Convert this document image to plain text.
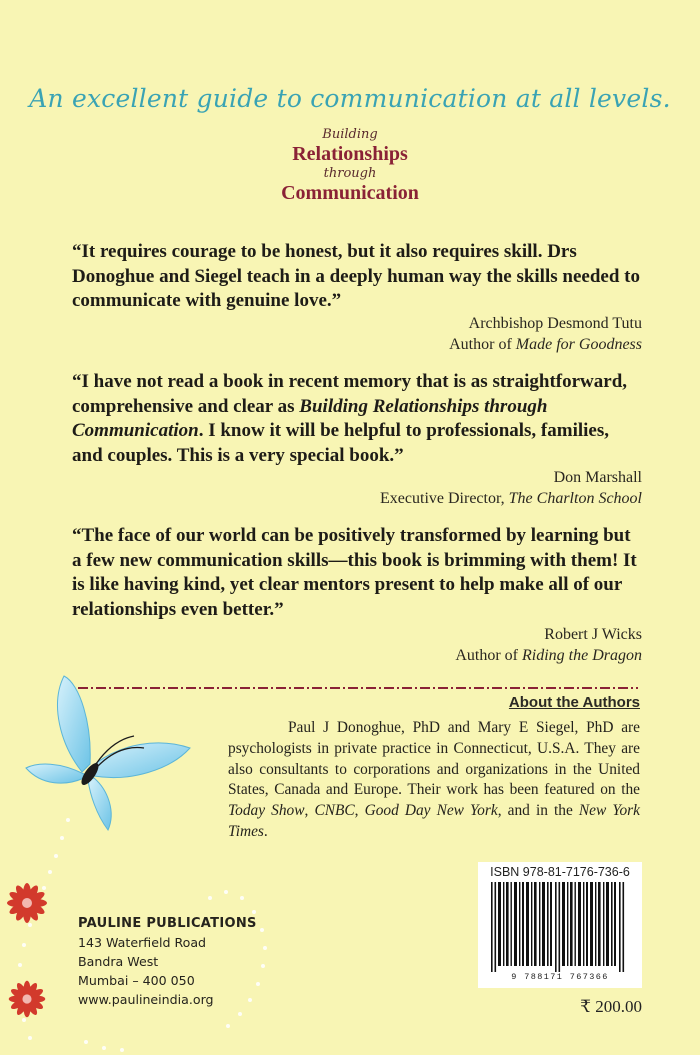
An excellent guide to communication at all levels.
Building
Relationships
through
Communication
“It requires courage to be honest, but it also requires skill. Drs Donoghue and Siegel teach in a deeply human way the skills needed to communicate with genuine love.”
Archbishop Desmond Tutu
Author of Made for Goodness
“I have not read a book in recent memory that is as straightforward, comprehensive and clear as Building Relationships through Communication. I know it will be helpful to professionals, families, and couples. This is a very special book.”
Don Marshall
Executive Director, The Charlton School
“The face of our world can be positively transformed by learning but a few new communication skills—this book is brimming with them! It is like having kind, yet clear mentors present to help make all of our relationships even better.”
Robert J Wicks
Author of Riding the Dragon
About the Authors
Paul J Donoghue, PhD and Mary E Siegel, PhD are psychologists in private practice in Connecticut, U.S.A. They are also consultants to corporations and organizations in the United States, Canada and Europe. Their work has been featured on the Today Show, CNBC, Good Day New York, and in the New York Times.
PAULINE PUBLICATIONS
143 Waterfield Road
Bandra West
Mumbai – 400 050
www.paulineindia.org
ISBN 978-81-7176-736-6
9 788171 767366
₹ 200.00
